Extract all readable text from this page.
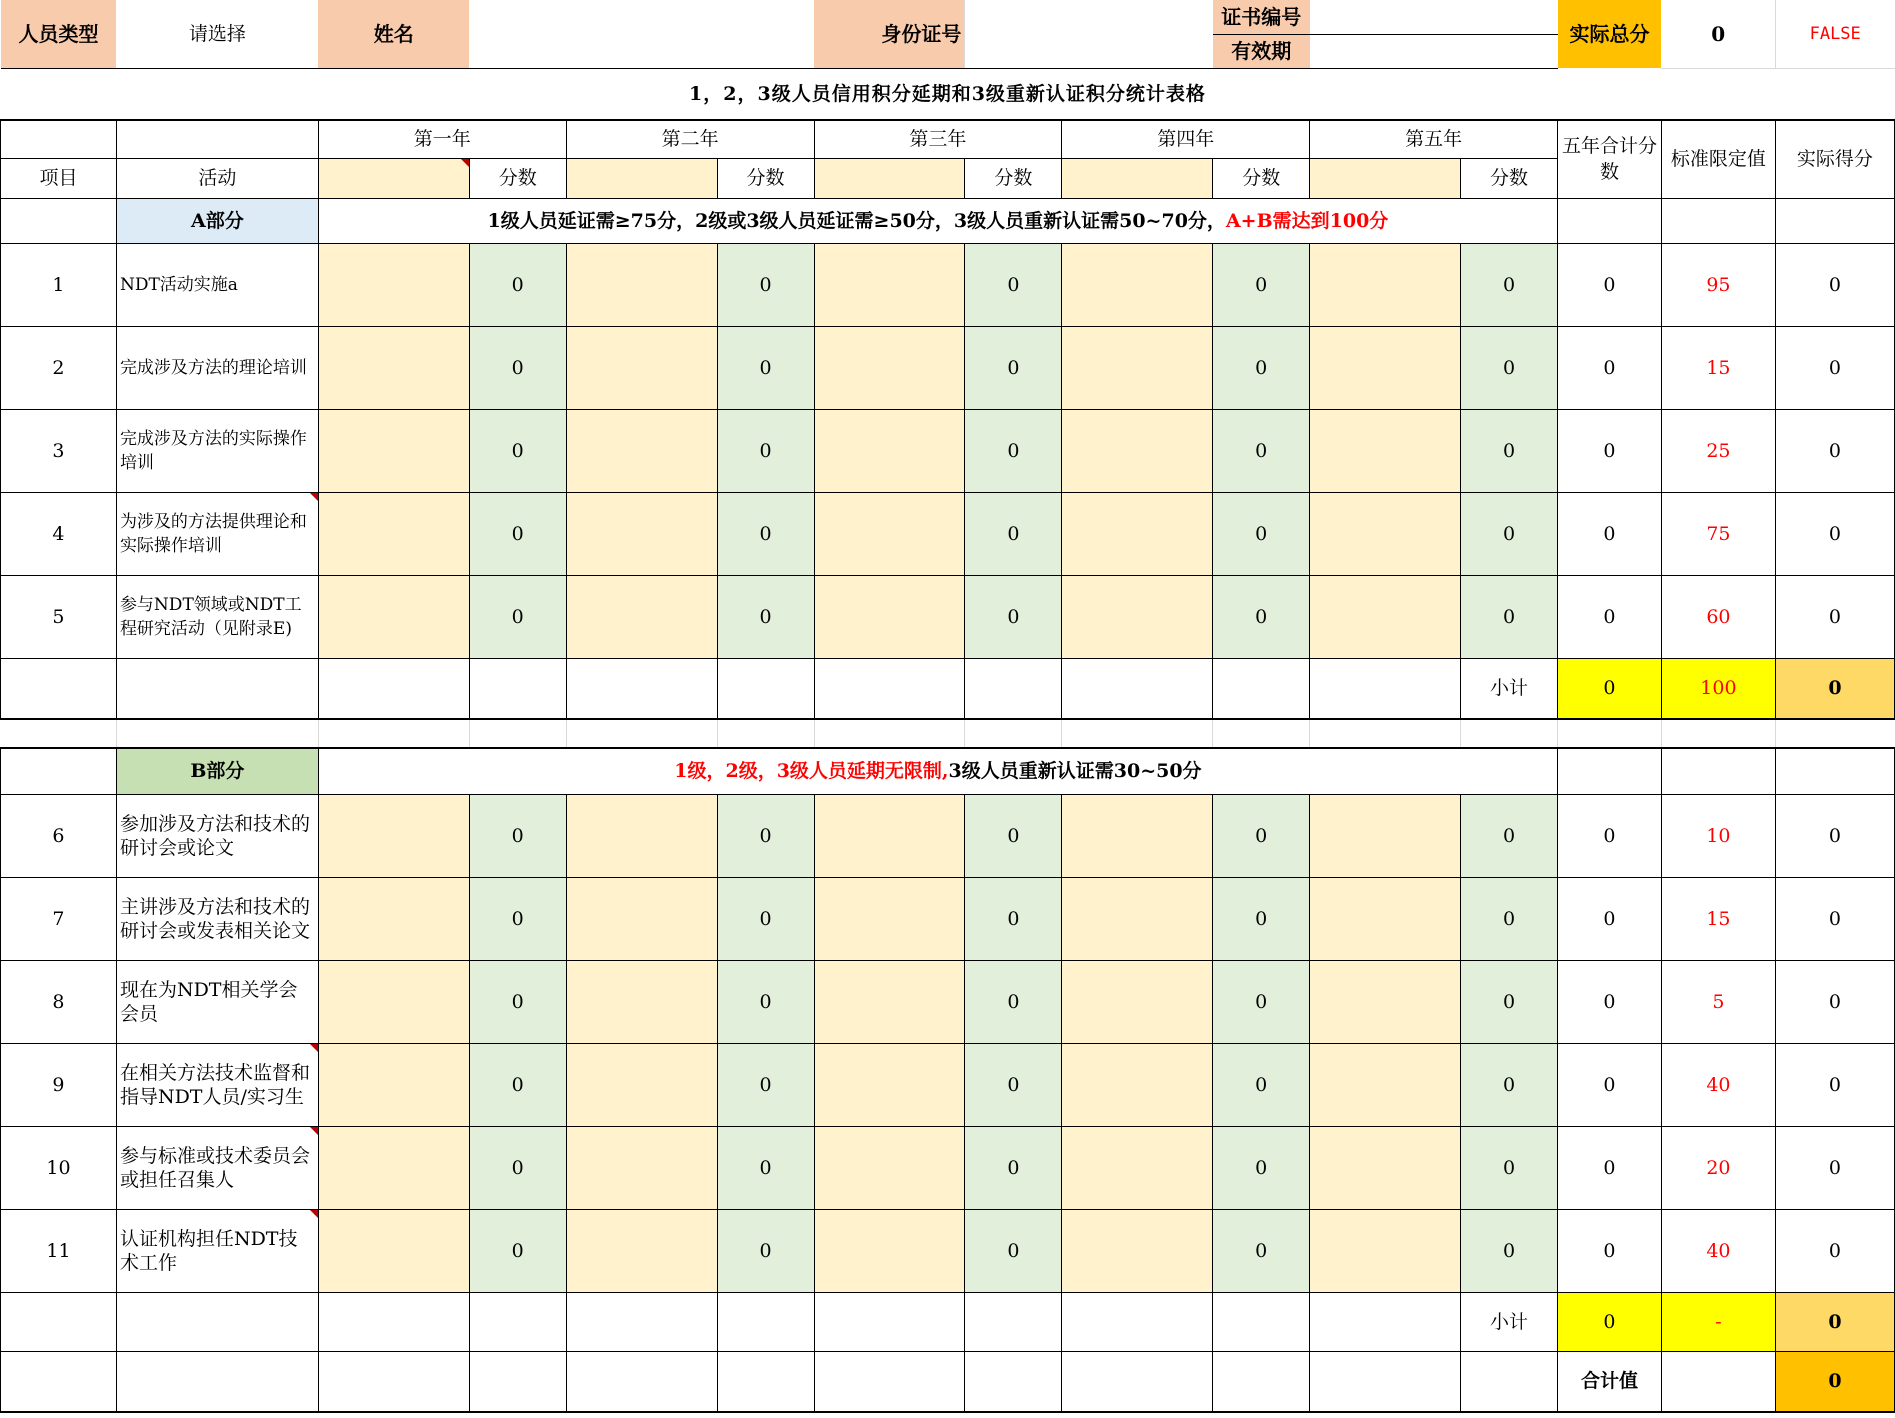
人员类型	请选择	姓名				身份证号			证书编号			实际总分	0	FALSE
									有效期					
1，2，3级人员信用积分延期和3级重新认证积分统计表格														
		第一年		第二年		第三年		第四年		第五年		五年合计分数	标准限定值	实际得分
项目	活动		分数		分数		分数		分数		分数			
	A部分	1级人员延证需≥75分，2级或3级人员延证需≥50分，3级人员重新认证需50~70分，A+B需达到100分												
1	NDT活动实施a		0		0		0		0		0	0	95	0
2	完成涉及方法的理论培训		0		0		0		0		0	0	15	0
3	完成涉及方法的实际操作培训		0		0		0		0		0	0	25	0
4	为涉及的方法提供理论和实际操作培训		0		0		0		0		0	0	75	0
5	参与NDT领域或NDT工程研究活动（见附录E)		0		0		0		0		0	0	60	0
											小计	0	100	0

	B部分	1级，2级，3级人员延期无限制,3级人员重新认证需30~50分												
6	参加涉及方法和技术的研讨会或论文		0		0		0		0		0	0	10	0
7	主讲涉及方法和技术的研讨会或发表相关论文		0		0		0		0		0	0	15	0
8	现在为NDT相关学会会员		0		0		0		0		0	0	5	0
9	在相关方法技术监督和指导NDT人员/实习生		0		0		0		0		0	0	40	0
10	参与标准或技术委员会或担任召集人		0		0		0		0		0	0	20	0
11	认证机构担任NDT技术工作		0		0		0		0		0	0	40	0
											小计	0	-	0
												合计值		0
